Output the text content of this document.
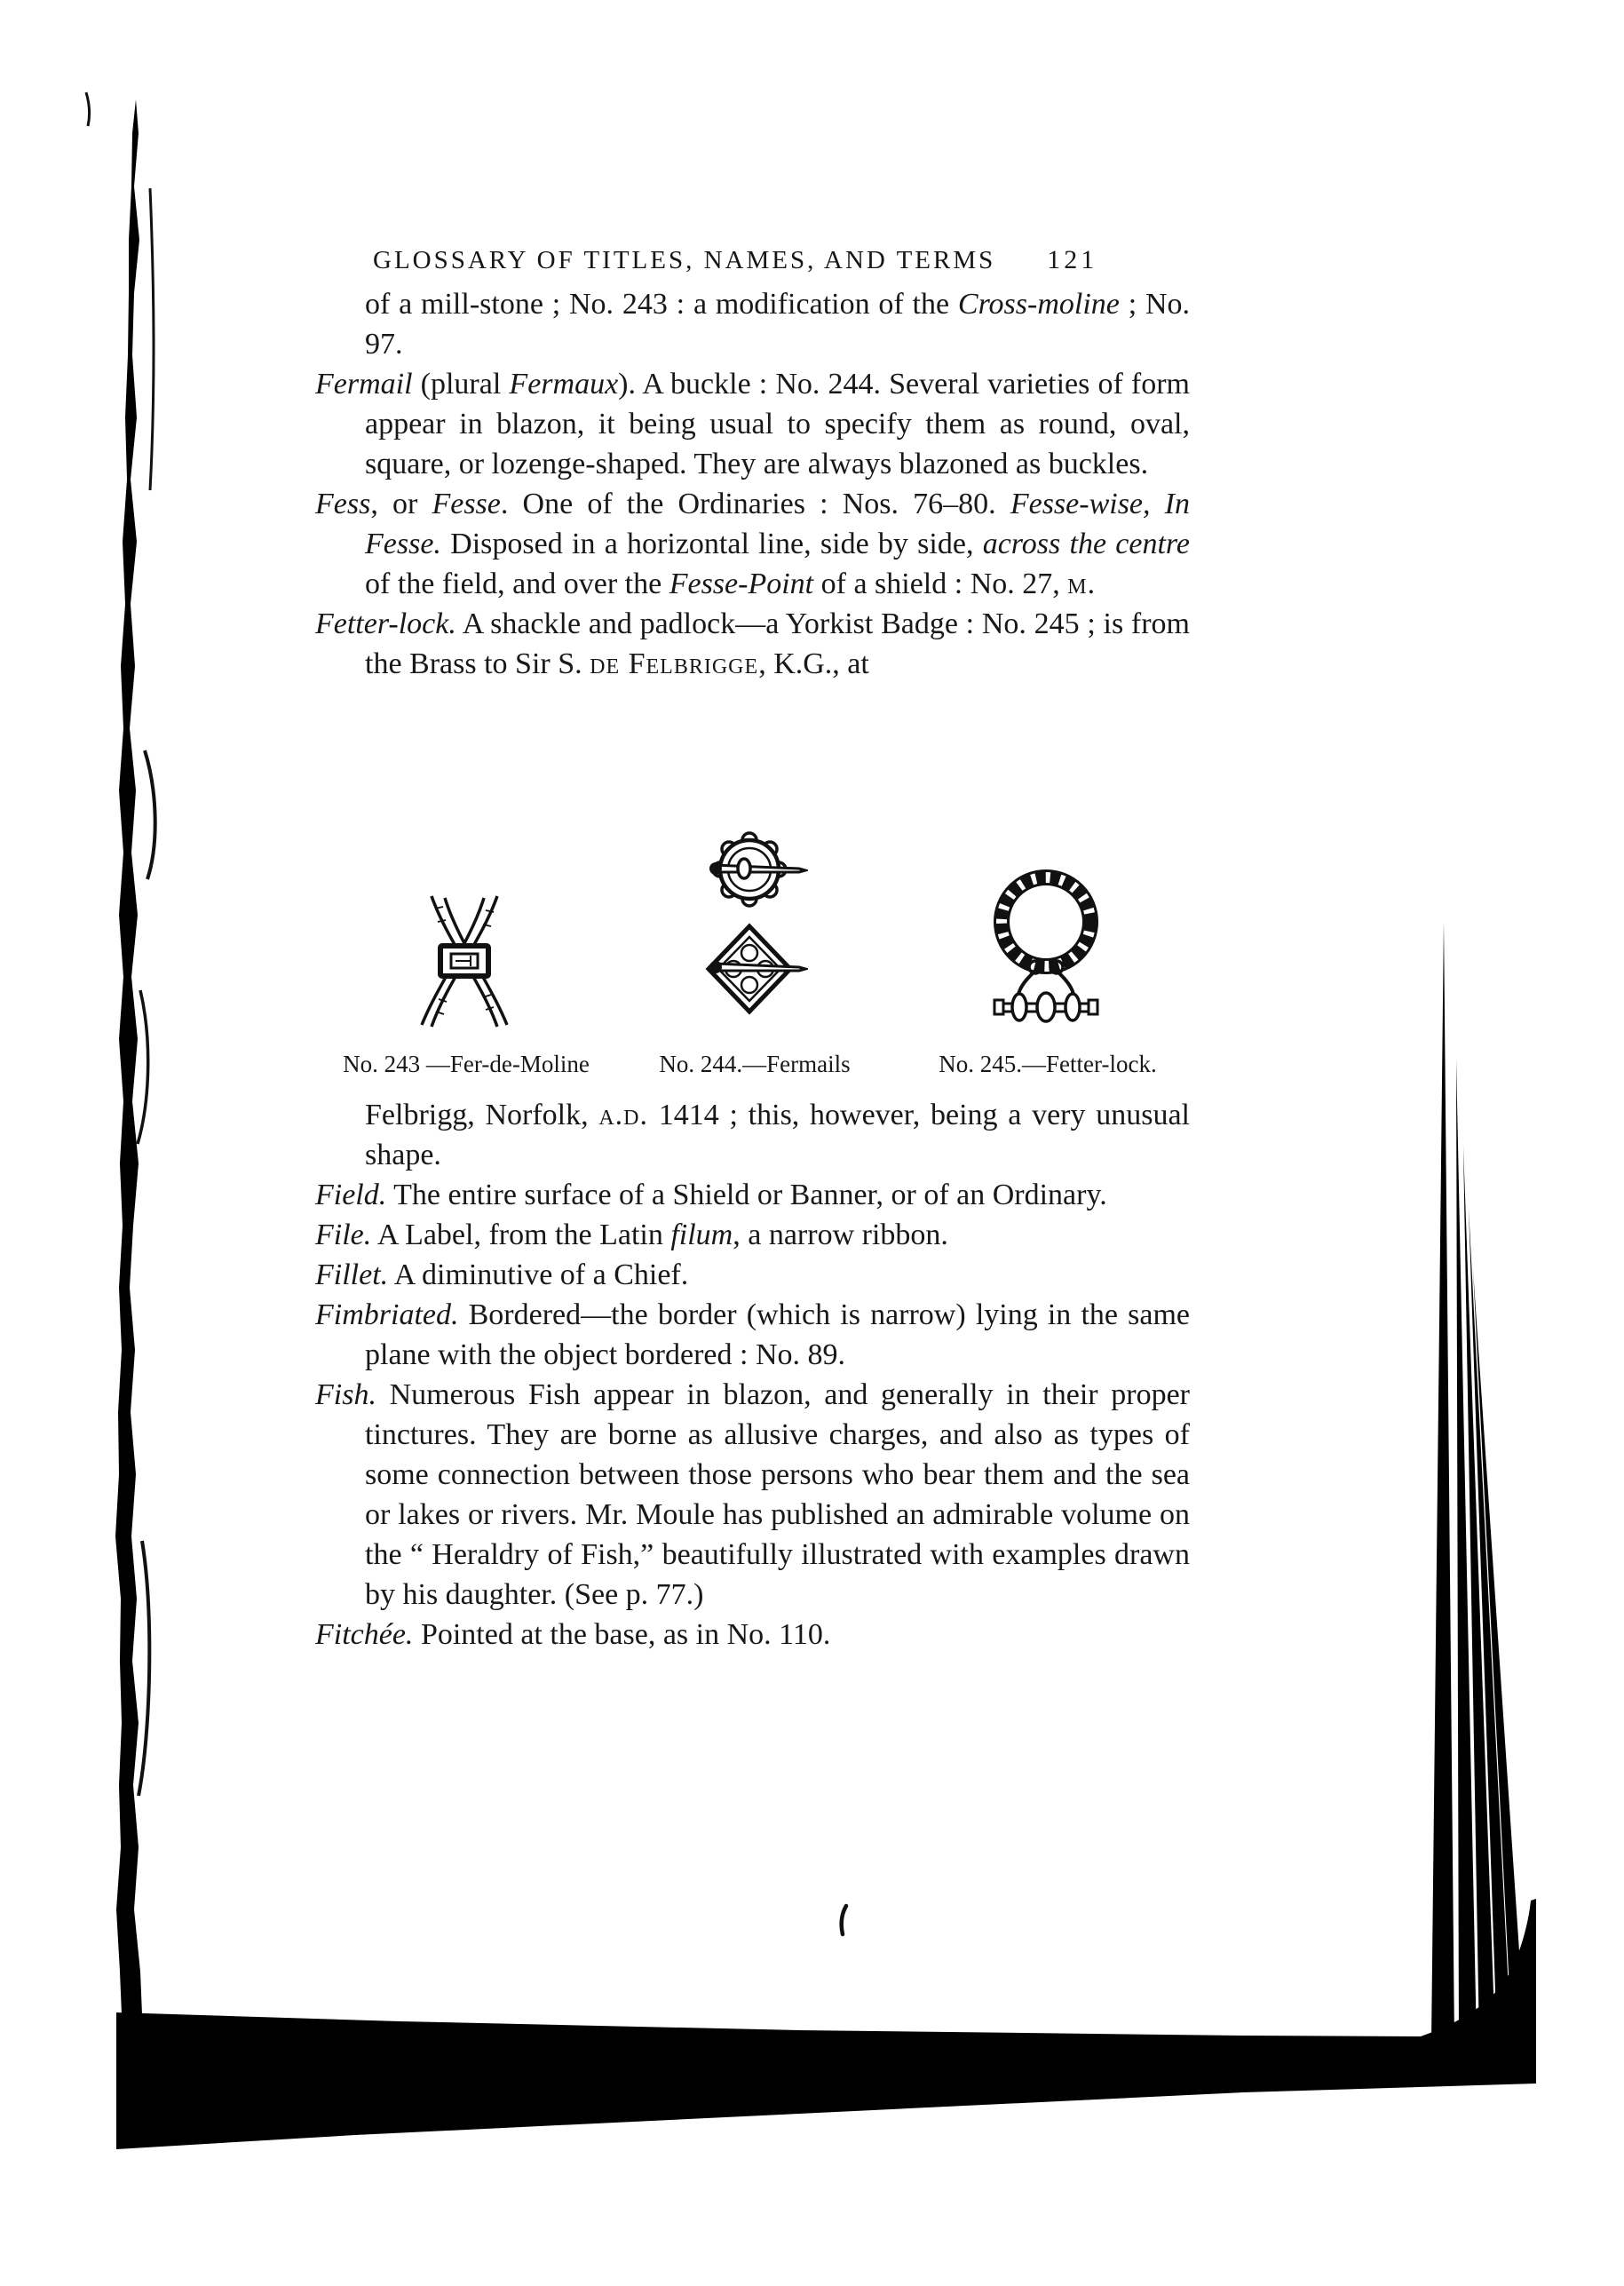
GLOSSARY OF TITLES, NAMES, AND TERMS 121

of a mill-stone ; No. 243 : a modification of the Cross-moline ; No. 97.

Fermail (plural Fermaux). A buckle : No. 244. Several varieties of form appear in blazon, it being usual to specify them as round, oval, square, or lozenge-shaped. They are always blazoned as buckles.

Fess, or Fesse. One of the Ordinaries : Nos. 76–80. Fesse-wise, In Fesse. Disposed in a horizontal line, side by side, across the centre of the field, and over the Fesse-Point of a shield : No. 27, m.

Fetter-lock. A shackle and padlock—a Yorkist Badge : No. 245 ; is from the Brass to Sir S. de Felbrigge, K.G., at

No. 243 —Fer-de-Moline	No. 244.—Fermails	No. 245.—Fetter-lock.

Felbrigg, Norfolk, a.d. 1414 ; this, however, being a very unusual shape.

Field. The entire surface of a Shield or Banner, or of an Ordinary.

File. A Label, from the Latin filum, a narrow ribbon.

Fillet. A diminutive of a Chief.

Fimbriated. Bordered—the border (which is narrow) lying in the same plane with the object bordered : No. 89.

Fish. Numerous Fish appear in blazon, and generally in their proper tinctures. They are borne as allusive charges, and also as types of some connection between those persons who bear them and the sea or lakes or rivers. Mr. Moule has published an admirable volume on the “ Heraldry of Fish,” beautifully illustrated with examples drawn by his daughter. (See p. 77.)

Fitchée. Pointed at the base, as in No. 110.
